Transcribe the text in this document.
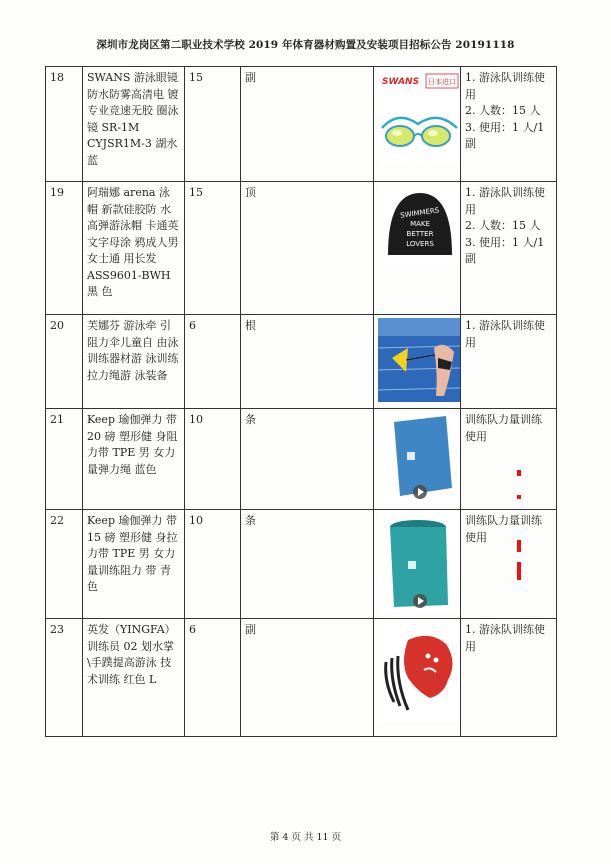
深圳市龙岗区第二职业技术学校 2019 年体育器材购置及安装项目招标公告 20191118
18	SWANS 游泳眼镜 防水防雾高清电 镀专业竞速无胶 圈泳镜 SR-1M CYJSR1M-3 湖水 蓝	15	副	SWANS 日本进口	1. 游泳队训练使 用
2. 人数：15 人
3. 使用：1 人/1 副

19	阿瑞娜 arena 泳 帽 新款硅胶防 水高弹游泳帽 卡通英文字母涂 鸦成人男女士通 用长发 ASS9601-BWH 黑 色	15	顶	SWIMMERS
MAKE
BETTER
LOVERS	1. 游泳队训练使 用
2. 人数：15 人
3. 使用：1 人/1 副

20	芙娜芬 游泳牵 引阻力伞儿童自 由泳训练器材游 泳训练拉力绳游 泳装备	6	根		1. 游泳队训练使 用

21	Keep 瑜伽弹力 带 20 磅 塑形健 身阻力带 TPE 男 女力量弹力绳 蓝色	10	条		训练队力量训练 使用

22	Keep 瑜伽弹力 带 15 磅 塑形健 身拉力带 TPE 男 女力量训练阻力 带 青色	10	条		训练队力量训练 使用

23	英发（YINGFA） 训练员 02 划水掌 \手蹼提高游泳 技术训练 红色 L	6	副		1. 游泳队训练使 用
第 4 页 共 11 页
